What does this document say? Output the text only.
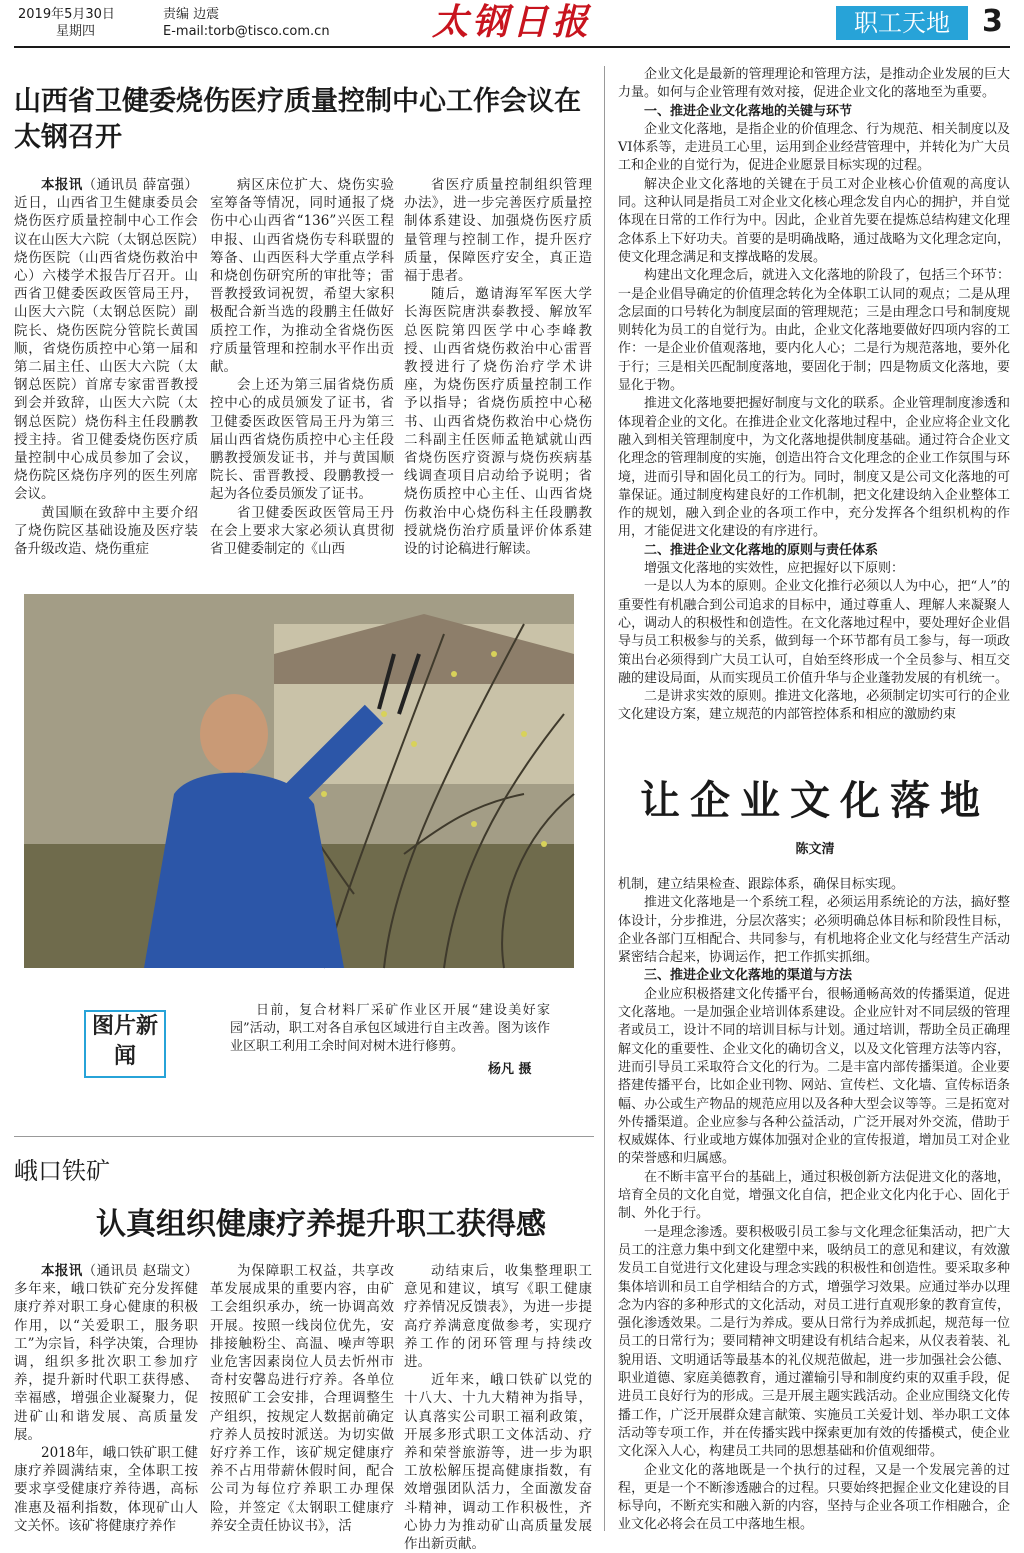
2019年5月30日
星期四
责编 边震
E-mail:torb@tisco.com.cn	太钢日报	职工天地	3
山西省卫健委烧伤医疗质量控制中心工作会议在太钢召开

本报讯（通讯员 薛富强）近日，山西省卫生健康委员会烧伤医疗质量控制中心工作会议在山医大六院（太钢总医院）烧伤医院（山西省烧伤救治中心）六楼学术报告厅召开。山西省卫健委医政医管局王丹，山医大六院（太钢总医院）副院长、烧伤医院分管院长黄国顺，省烧伤质控中心第一届和第二届主任、山医大六院（太钢总医院）首席专家雷晋教授到会并致辞，山医大六院（太钢总医院）烧伤科主任段鹏教授主持。省卫健委烧伤医疗质量控制中心成员参加了会议，烧伤院区烧伤序列的医生列席会议。

黄国顺在致辞中主要介绍了烧伤院区基础设施及医疗装备升级改造、烧伤重症

病区床位扩大、烧伤实验室筹备等情况，同时通报了烧伤中心山西省“136”兴医工程申报、山西省烧伤专科联盟的筹备、山西医科大学重点学科和烧创伤研究所的审批等；雷晋教授致词祝贺，希望大家积极配合新当选的段鹏主任做好质控工作，为推动全省烧伤医疗质量管理和控制水平作出贡献。

会上还为第三届省烧伤质控中心的成员颁发了证书，省卫健委医政医管局王丹为第三届山西省烧伤质控中心主任段鹏教授颁发证书，并与黄国顺院长、雷晋教授、段鹏教授一起为各位委员颁发了证书。

省卫健委医政医管局王丹在会上要求大家必须认真贯彻省卫健委制定的《山西

省医疗质量控制组织管理办法》，进一步完善医疗质量控制体系建设、加强烧伤医疗质量管理与控制工作，提升医疗质量，保障医疗安全，真正造福于患者。

随后，邀请海军军医大学长海医院唐洪泰教授、解放军总医院第四医学中心李峰教授、山西省烧伤救治中心雷晋教授进行了烧伤治疗学术讲座，为烧伤医疗质量控制工作予以指导；省烧伤质控中心秘书、山西省烧伤救治中心烧伤二科副主任医师孟艳斌就山西省烧伤医疗资源与烧伤疾病基线调查项目启动给予说明；省烧伤质控中心主任、山西省烧伤救治中心烧伤科主任段鹏教授就烧伤治疗质量评价体系建设的讨论稿进行解读。

图片新闻

日前，复合材料厂采矿作业区开展“建设美好家园”活动，职工对各自承包区域进行自主改善。图为该作业区职工利用工余时间对树木进行修剪。

杨凡 摄
峨口铁矿
认真组织健康疗养提升职工获得感

本报讯（通讯员 赵瑞文）多年来，峨口铁矿充分发挥健康疗养对职工身心健康的积极作用，以“关爱职工，服务职工”为宗旨，科学决策，合理协调，组织多批次职工参加疗养，提升新时代职工获得感、幸福感，增强企业凝聚力，促进矿山和谐发展、高质量发展。

2018年，峨口铁矿职工健康疗养圆满结束，全体职工按要求享受健康疗养待遇，高标准惠及福利指数，体现矿山人文关怀。该矿将健康疗养作

为保障职工权益，共享改革发展成果的重要内容，由矿工会组织承办，统一协调高效开展。按照一线岗位优先，安排接触粉尘、高温、噪声等职业危害因素岗位人员去忻州市奇村安馨岛进行疗养。各单位按照矿工会安排，合理调整生产组织，按规定人数据前确定疗养人员按时派送。为切实做好疗养工作，该矿规定健康疗养不占用带薪休假时间，配合公司为每位疗养职工办理保险，并签定《太钢职工健康疗养安全责任协议书》，活

动结束后，收集整理职工意见和建议，填写《职工健康疗养情况反馈表》，为进一步提高疗养满意度做参考，实现疗养工作的闭环管理与持续改进。

近年来，峨口铁矿以党的十八大、十九大精神为指导，认真落实公司职工福利政策，开展多形式职工文体活动、疗养和荣誉旅游等，进一步为职工放松解压提高健康指数，有效增强团队活力，全面激发奋斗精神，调动工作积极性，齐心协力为推动矿山高质量发展作出新贡献。

企业文化是最新的管理理论和管理方法，是推动企业发展的巨大力量。如何与企业管理有效对接，促进企业文化的落地至为重要。

一、推进企业文化落地的关键与环节

企业文化落地，是指企业的价值理念、行为规范、相关制度以及VI体系等，走进员工心里，运用到企业经营管理中，并转化为广大员工和企业的自觉行为，促进企业愿景目标实现的过程。

解决企业文化落地的关键在于员工对企业核心价值观的高度认同。这种认同是指员工对企业文化核心理念发自内心的拥护，并自觉体现在日常的工作行为中。因此，企业首先要在提炼总结构建文化理念体系上下好功夫。首要的是明确战略，通过战略为文化理念定向，使文化理念满足和支撑战略的发展。

构建出文化理念后，就进入文化落地的阶段了，包括三个环节：一是企业倡导确定的价值理念转化为全体职工认同的观点；二是从理念层面的口号转化为制度层面的管理规范；三是由理念口号和制度规则转化为员工的自觉行为。由此，企业文化落地要做好四项内容的工作：一是企业价值观落地，要内化人心；二是行为规范落地，要外化于行；三是相关匹配制度落地，要固化于制；四是物质文化落地，要显化于物。

推进文化落地要把握好制度与文化的联系。企业管理制度渗透和体现着企业的文化。在推进企业文化落地过程中，企业应将企业文化融入到相关管理制度中，为文化落地提供制度基础。通过符合企业文化理念的管理制度的实施，创造出符合文化理念的企业工作氛围与环境，进而引导和固化员工的行为。同时，制度又是公司文化落地的可靠保证。通过制度构建良好的工作机制，把文化建设纳入企业整体工作的规划，融入到企业的各项工作中，充分发挥各个组织机构的作用，才能促进文化建设的有序进行。

二、推进企业文化落地的原则与责任体系

增强文化落地的实效性，应把握好以下原则：

一是以人为本的原则。企业文化推行必须以人为中心，把“人”的重要性有机融合到公司追求的目标中，通过尊重人、理解人来凝聚人心，调动人的积极性和创造性。在文化落地过程中，要处理好企业倡导与员工积极参与的关系，做到每一个环节都有员工参与，每一项政策出台必须得到广大员工认可，自始至终形成一个全员参与、相互交融的建设局面，从而实现员工价值升华与企业蓬勃发展的有机统一。

二是讲求实效的原则。推进文化落地，必须制定切实可行的企业文化建设方案，建立规范的内部管控体系和相应的激励约束

让企业文化落地
陈文清

机制，建立结果检查、跟踪体系，确保目标实现。

推进文化落地是一个系统工程，必须运用系统论的方法，搞好整体设计，分步推进，分层次落实；必须明确总体目标和阶段性目标，企业各部门互相配合、共同参与，有机地将企业文化与经营生产活动紧密结合起来，协调运作，把工作抓实抓细。

三、推进企业文化落地的渠道与方法

企业应积极搭建文化传播平台，很畅通畅高效的传播渠道，促进文化落地。一是加强企业培训体系建设。企业应针对不同层级的管理者或员工，设计不同的培训目标与计划。通过培训，帮助全员正确理解文化的重要性、企业文化的确切含义，以及文化管理方法等内容，进而引导员工采取符合文化的行为。二是丰富内部传播渠道。企业要搭建传播平台，比如企业刊物、网站、宣传栏、文化墙、宣传标语条幅、办公或生产物品的规范应用以及各种大型会议等等。三是拓宽对外传播渠道。企业应参与各种公益活动，广泛开展对外交流，借助于权威媒体、行业或地方媒体加强对企业的宣传报道，增加员工对企业的荣誉感和归属感。

在不断丰富平台的基础上，通过积极创新方法促进文化的落地，培育全员的文化自觉，增强文化自信，把企业文化内化于心、固化于制、外化于行。

一是理念渗透。要积极吸引员工参与文化理念征集活动，把广大员工的注意力集中到文化建塑中来，吸纳员工的意见和建议，有效激发员工自觉进行文化建设与理念实践的积极性和创造性。要采取多种集体培训和员工自学相结合的方式，增强学习效果。应通过举办以理念为内容的多种形式的文化活动，对员工进行直观形象的教育宣传，强化渗透效果。二是行为养成。要从日常行为养成抓起，规范每一位员工的日常行为；要同精神文明建设有机结合起来，从仪表着装、礼貌用语、文明通话等最基本的礼仪规范做起，进一步加强社会公德、职业道德、家庭美德教育，通过灌输引导和制度约束的双重手段，促进员工良好行为的形成。三是开展主题实践活动。企业应围绕文化传播工作，广泛开展群众建言献策、实施员工关爱计划、举办职工文体活动等专项工作，并在传播实践中探索更加有效的传播模式，使企业文化深入人心，构建员工共同的思想基础和价值观细带。

企业文化的落地既是一个执行的过程，又是一个发展完善的过程，更是一个不断渗透融合的过程。只要始终把握企业文化建设的目标导向，不断充实和融入新的内容，坚持与企业各项工作相融合，企业文化必将会在员工中落地生根。
